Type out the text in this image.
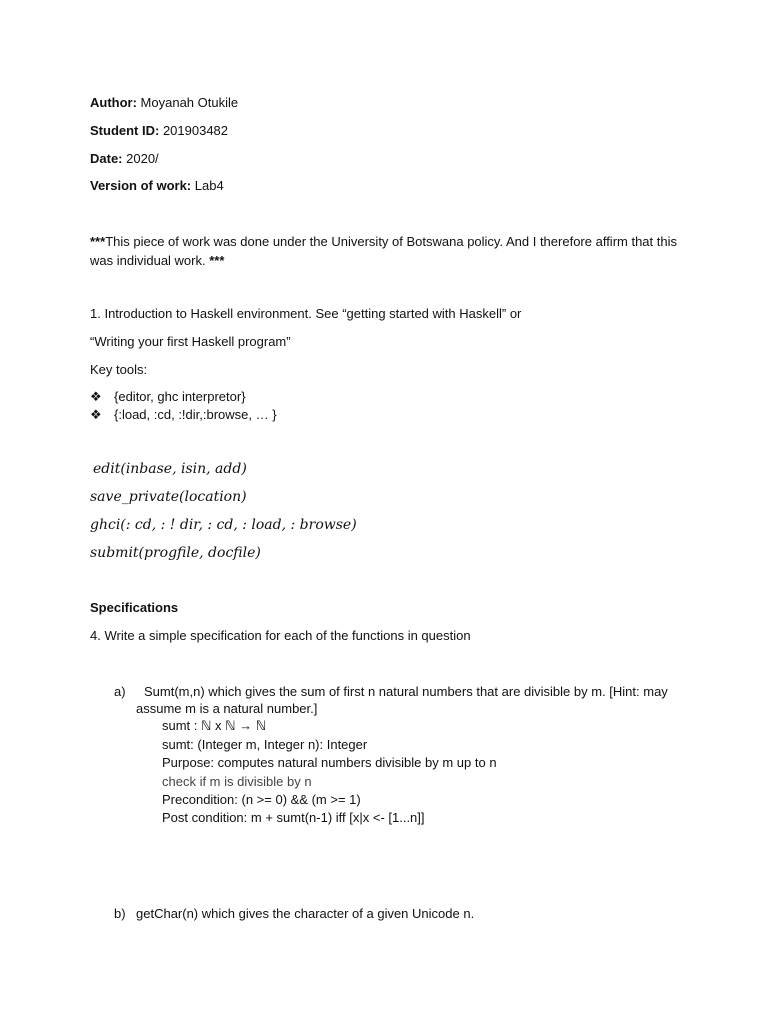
Author: Moyanah Otukile
Student ID: 201903482
Date: 2020/
Version of work: Lab4
***This piece of work was done under the University of Botswana policy. And I therefore affirm that this was individual work. ***
1. Introduction to Haskell environment. See “getting started with Haskell” or
“Writing your first Haskell program”
Key tools:
❖ {editor, ghc interpretor}
❖ {:load, :cd, :!dir,:browse, … }
edit(inbase, isin, add)
save_private(location)
ghci(: cd, : ! dir, : cd, : load, : browse)
submit(progfile, docfile)
Specifications
4. Write a simple specification for each of the functions in question
a) Sumt(m,n) which gives the sum of first n natural numbers that are divisible by m. [Hint: may
assume m is a natural number.]
sumt : ℕ x ℕ → ℕ
sumt: (Integer m, Integer n): Integer
Purpose: computes natural numbers divisible by m up to n
check if m is divisible by n
Precondition: (n >= 0) && (m >= 1)
Post condition: m + sumt(n-1) iff [x|x <- [1...n]]
b) getChar(n) which gives the character of a given Unicode n.
